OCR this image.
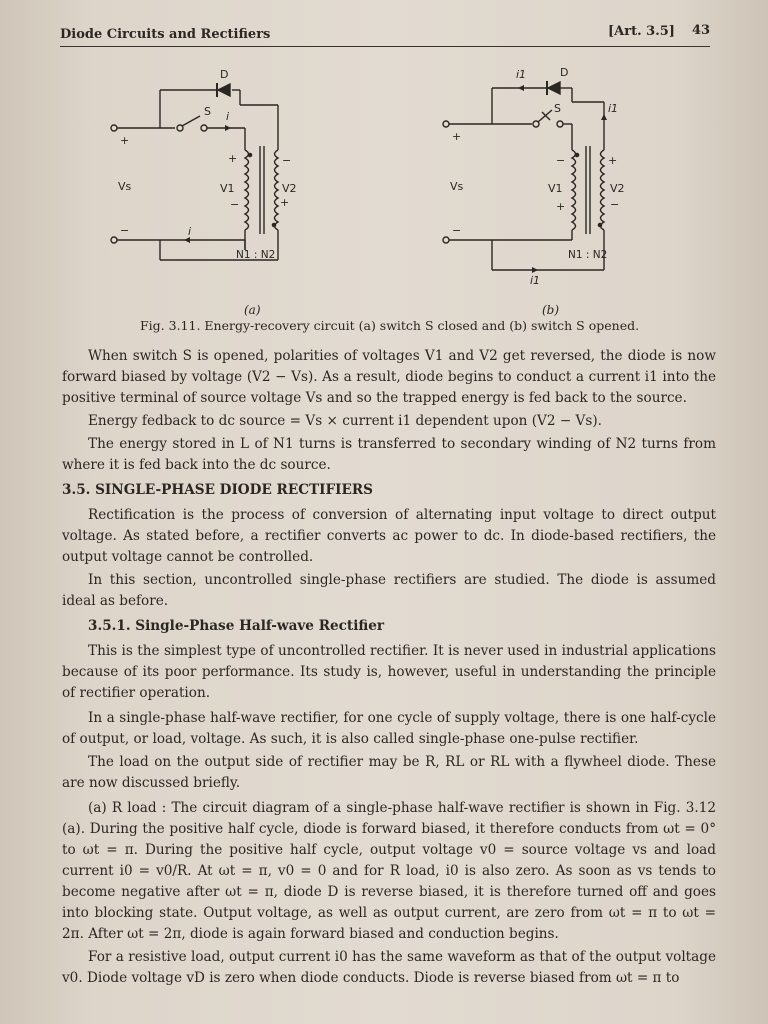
Diode Circuits and Rectifiers	[Art. 3.5] 43
D
S i
i
Vs	V1	V2
N1 : N2
+
+
+
−
−
−
D
S
i1
i1
i1
Vs	V1	V2
N1 : N2
+
+
+
−
−
−
(a)	(b)
Fig. 3.11. Energy-recovery circuit (a) switch S closed and (b) switch S opened.

When switch S is opened, polarities of voltages V1 and V2 get reversed, the diode is now forward biased by voltage (V2 − Vs). As a result, diode begins to conduct a current i1 into the positive terminal of source voltage Vs and so the trapped energy is fed back to the source.

Energy fedback to dc source = Vs × current i1 dependent upon (V2 − Vs).

The energy stored in L of N1 turns is transferred to secondary winding of N2 turns from where it is fed back into the dc source.

3.5. SINGLE-PHASE DIODE RECTIFIERS

Rectification is the process of conversion of alternating input voltage to direct output voltage. As stated before, a rectifier converts ac power to dc. In diode-based rectifiers, the output voltage cannot be controlled.

In this section, uncontrolled single-phase rectifiers are studied. The diode is assumed ideal as before.

3.5.1. Single-Phase Half-wave Rectifier

This is the simplest type of uncontrolled rectifier. It is never used in industrial applications because of its poor performance. Its study is, however, useful in understanding the principle of rectifier operation.

In a single-phase half-wave rectifier, for one cycle of supply voltage, there is one half-cycle of output, or load, voltage. As such, it is also called single-phase one-pulse rectifier.

The load on the output side of rectifier may be R, RL or RL with a flywheel diode. These are now discussed briefly.

(a) R load : The circuit diagram of a single-phase half-wave rectifier is shown in Fig. 3.12 (a). During the positive half cycle, diode is forward biased, it therefore conducts from ωt = 0° to ωt = π. During the positive half cycle, output voltage v0 = source voltage vs and load current i0 = v0/R. At ωt = π, v0 = 0 and for R load, i0 is also zero. As soon as vs tends to become negative after ωt = π, diode D is reverse biased, it is therefore turned off and goes into blocking state. Output voltage, as well as output current, are zero from ωt = π to ωt = 2π. After ωt = 2π, diode is again forward biased and conduction begins.

For a resistive load, output current i0 has the same waveform as that of the output voltage v0. Diode voltage vD is zero when diode conducts. Diode is reverse biased from ωt = π to
